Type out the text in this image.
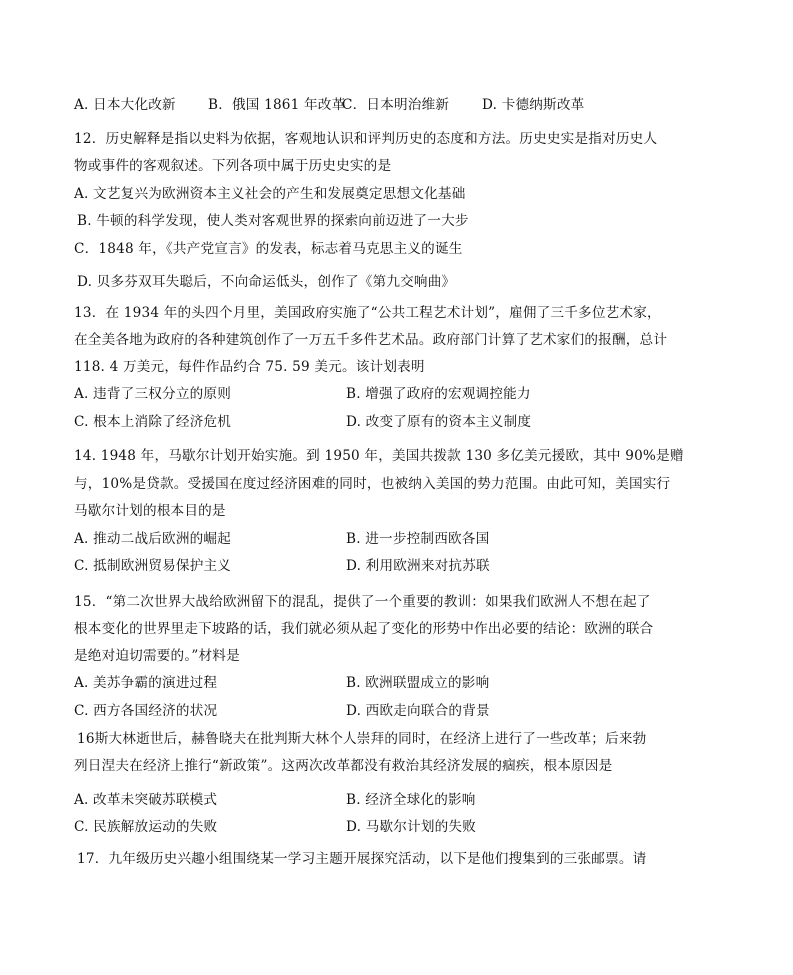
A. 日本大化改新 B．俄国 1861 年改革
C．日本明治维新 D. 卡德纳斯改革
12．历史解释是指以史料为依据，客观地认识和评判历史的态度和方法。历史史实是指对历史人
物或事件的客观叙述。下列各项中属于历史史实的是
A. 文艺复兴为欧洲资本主义社会的产生和发展奠定思想文化基础
B. 牛顿的科学发现，使人类对客观世界的探索向前迈进了一大步
C．1848 年，《共产党宣言》的发表，标志着马克思主义的诞生
D. 贝多芬双耳失聪后，不向命运低头，创作了《第九交响曲》
13．在 1934 年的头四个月里，美国政府实施了“公共工程艺术计划”，雇佣了三千多位艺术家，
在全美各地为政府的各种建筑创作了一万五千多件艺术品。政府部门计算了艺术家们的报酬，总计
118. 4 万美元，每件作品约合 75. 59 美元。该计划表明
A. 违背了三权分立的原则	B. 增强了政府的宏观调控能力
C. 根本上消除了经济危机	D. 改变了原有的资本主义制度
14. 1948 年，马歇尔计划开始实施。到 1950 年，美国共拨款 130 多亿美元援欧，其中 90%是赠
与，10%是贷款。受援国在度过经济困难的同时，也被纳入美国的势力范围。由此可知，美国实行
马歇尔计划的根本目的是
A. 推动二战后欧洲的崛起	B. 进一步控制西欧各国
C. 抵制欧洲贸易保护主义	D. 利用欧洲来对抗苏联
15．“第二次世界大战给欧洲留下的混乱，提供了一个重要的教训：如果我们欧洲人不想在起了
根本变化的世界里走下坡路的话，我们就必须从起了变化的形势中作出必要的结论：欧洲的联合
是绝对迫切需要的。”材料是
A. 美苏争霸的演进过程	B. 欧洲联盟成立的影响
C. 西方各国经济的状况	D. 西欧走向联合的背景
16斯大林逝世后，赫鲁晓夫在批判斯大林个人崇拜的同时，在经济上进行了一些改革；后来勃
列日涅夫在经济上推行“新政策”。这两次改革都没有救治其经济发展的痼疾，根本原因是
A. 改革未突破苏联模式	B. 经济全球化的影响
C. 民族解放运动的失败	D. 马歇尔计划的失败
17．九年级历史兴趣小组围绕某一学习主题开展探究活动，以下是他们搜集到的三张邮票。请
